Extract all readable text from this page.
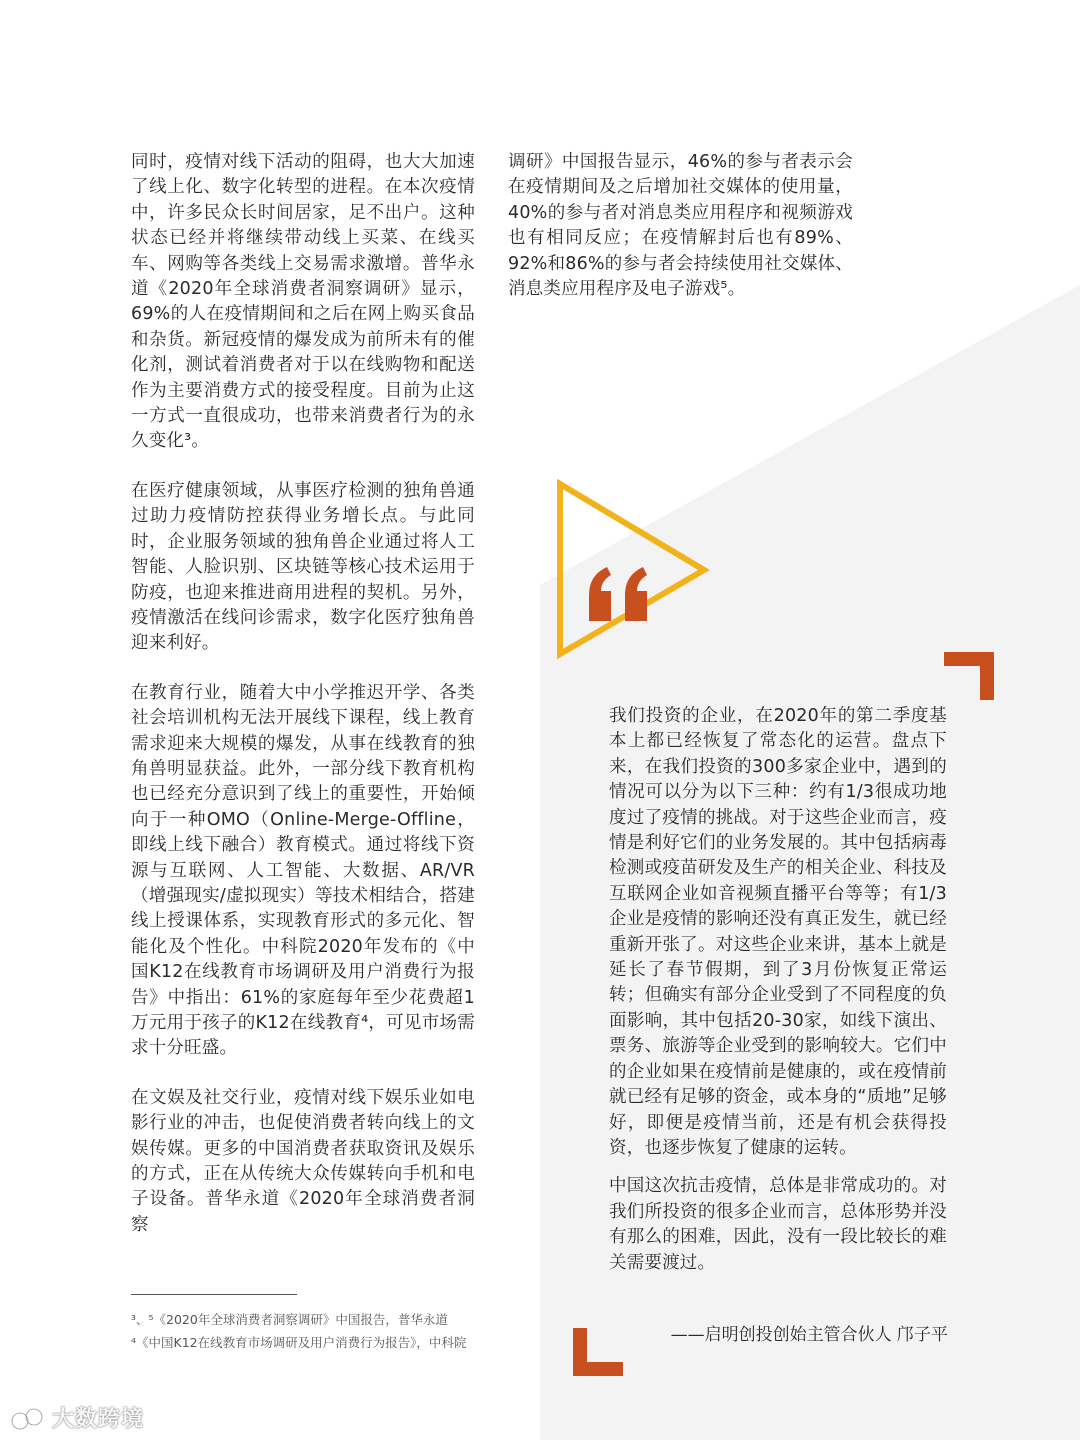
同时，疫情对线下活动的阻碍，也大大加速了线上化、数字化转型的进程。在本次疫情中，许多民众长时间居家，足不出户。这种状态已经并将继续带动线上买菜、在线买车、网购等各类线上交易需求激增。普华永道《2020年全球消费者洞察调研》显示，69%的人在疫情期间和之后在网上购买食品和杂货。新冠疫情的爆发成为前所未有的催化剂，测试着消费者对于以在线购物和配送作为主要消费方式的接受程度。目前为止这一方式一直很成功，也带来消费者行为的永久变化³。

在医疗健康领域，从事医疗检测的独角兽通过助力疫情防控获得业务增长点。与此同时，企业服务领域的独角兽企业通过将人工智能、人脸识别、区块链等核心技术运用于防疫，也迎来推进商用进程的契机。另外，疫情激活在线问诊需求，数字化医疗独角兽迎来利好。

在教育行业，随着大中小学推迟开学、各类社会培训机构无法开展线下课程，线上教育需求迎来大规模的爆发，从事在线教育的独角兽明显获益。此外，一部分线下教育机构也已经充分意识到了线上的重要性，开始倾向于一种OMO（Online-Merge-Offline，即线上线下融合）教育模式。通过将线下资源与互联网、人工智能、大数据、AR/VR（增强现实/虚拟现实）等技术相结合，搭建线上授课体系，实现教育形式的多元化、智能化及个性化。中科院2020年发布的《中国K12在线教育市场调研及用户消费行为报告》中指出：61%的家庭每年至少花费超1万元用于孩子的K12在线教育⁴，可见市场需求十分旺盛。

在文娱及社交行业，疫情对线下娱乐业如电影行业的冲击，也促使消费者转向线上的文娱传媒。更多的中国消费者获取资讯及娱乐的方式，正在从传统大众传媒转向手机和电子设备。普华永道《2020年全球消费者洞察

调研》中国报告显示，46%的参与者表示会在疫情期间及之后增加社交媒体的使用量，40%的参与者对消息类应用程序和视频游戏也有相同反应；在疫情解封后也有89%、92%和86%的参与者会持续使用社交媒体、消息类应用程序及电子游戏⁵。

我们投资的企业，在2020年的第二季度基本上都已经恢复了常态化的运营。盘点下来，在我们投资的300多家企业中，遇到的情况可以分为以下三种：约有1/3很成功地度过了疫情的挑战。对于这些企业而言，疫情是利好它们的业务发展的。其中包括病毒检测或疫苗研发及生产的相关企业、科技及互联网企业如音视频直播平台等等；有1/3企业是疫情的影响还没有真正发生，就已经重新开张了。对这些企业来讲，基本上就是延长了春节假期，到了3月份恢复正常运转；但确实有部分企业受到了不同程度的负面影响，其中包括20-30家，如线下演出、票务、旅游等企业受到的影响较大。它们中的企业如果在疫情前是健康的，或在疫情前就已经有足够的资金，或本身的“质地”足够好，即便是疫情当前，还是有机会获得投资，也逐步恢复了健康的运转。

中国这次抗击疫情，总体是非常成功的。对我们所投资的很多企业而言，总体形势并没有那么的困难，因此，没有一段比较长的难关需要渡过。

——启明创投创始主管合伙人 邝子平
³、⁵《2020年全球消费者洞察调研》中国报告，普华永道
⁴《中国K12在线教育市场调研及用户消费行为报告》，中科院
大数跨境
